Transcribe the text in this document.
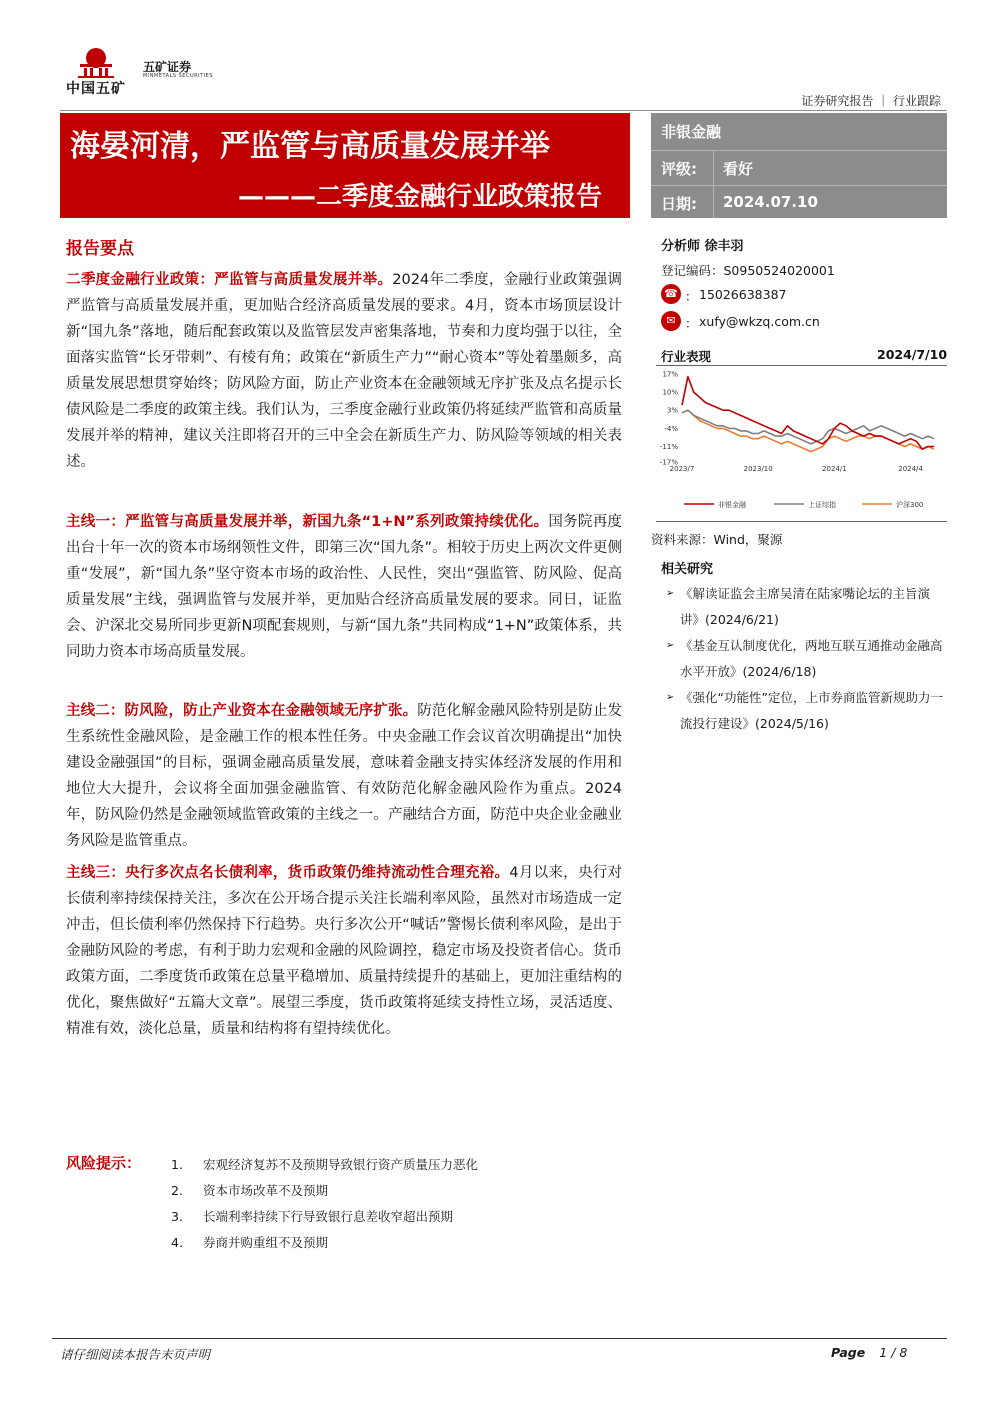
中国五矿
五矿证券
MINMETALS SECURITIES
证券研究报告 ｜ 行业跟踪
海晏河清，严监管与高质量发展并举
———二季度金融行业政策报告
非银金融
评级: 看好
日期: 2024.07.10
报告要点
二季度金融行业政策：严监管与高质量发展并举。2024年二季度，金融行业政策强调严监管与高质量发展并重，更加贴合经济高质量发展的要求。4月，资本市场顶层设计新“国九条”落地，随后配套政策以及监管层发声密集落地，节奏和力度均强于以往，全面落实监管“长牙带刺”、有棱有角；政策在“新质生产力”“耐心资本”等处着墨颇多，高质量发展思想贯穿始终；防风险方面，防止产业资本在金融领域无序扩张及点名提示长债风险是二季度的政策主线。我们认为，三季度金融行业政策仍将延续严监管和高质量发展并举的精神，建议关注即将召开的三中全会在新质生产力、防风险等领域的相关表述。
主线一：严监管与高质量发展并举，新国九条“1+N”系列政策持续优化。国务院再度出台十年一次的资本市场纲领性文件，即第三次“国九条”。相较于历史上两次文件更侧重“发展”，新“国九条”坚守资本市场的政治性、人民性，突出“强监管、防风险、促高质量发展”主线，强调监管与发展并举，更加贴合经济高质量发展的要求。同日，证监会、沪深北交易所同步更新N项配套规则，与新“国九条”共同构成“1+N”政策体系，共同助力资本市场高质量发展。
主线二：防风险，防止产业资本在金融领域无序扩张。防范化解金融风险特别是防止发生系统性金融风险，是金融工作的根本性任务。中央金融工作会议首次明确提出“加快建设金融强国”的目标，强调金融高质量发展，意味着金融支持实体经济发展的作用和地位大大提升，会议将全面加强金融监管、有效防范化解金融风险作为重点。2024年，防风险仍然是金融领域监管政策的主线之一。产融结合方面，防范中央企业金融业务风险是监管重点。
主线三：央行多次点名长债利率，货币政策仍维持流动性合理充裕。4月以来，央行对长债利率持续保持关注，多次在公开场合提示关注长端利率风险，虽然对市场造成一定冲击，但长债利率仍然保持下行趋势。央行多次公开“喊话”警惕长债利率风险，是出于金融防风险的考虑，有利于助力宏观和金融的风险调控，稳定市场及投资者信心。货币政策方面，二季度货币政策在总量平稳增加、质量持续提升的基础上，更加注重结构的优化，聚焦做好“五篇大文章”。展望三季度，货币政策将延续支持性立场，灵活适度、精准有效，淡化总量，质量和结构将有望持续优化。
风险提示： 1. 宏观经济复苏不及预期导致银行资产质量压力恶化
2. 资本市场改革不及预期
3. 长端利率持续下行导致银行息差收窄超出预期
4. 券商并购重组不及预期
分析师 徐丰羽
登记编码：S0950524020001
☎ ： 15026638387
✉ ： xufy@wkzq.com.cn
行业表现	2024/7/10
17%
10%
3%
-4%
-11%
-17%
2023/7	2023/10	2024/1	2024/4
非银金融	上证综指	沪深300
资料来源：Wind，聚源
相关研究
➢ 《解读证监会主席吴清在陆家嘴论坛的主旨演讲》(2024/6/21)
➢ 《基金互认制度优化，两地互联互通推动金融高水平开放》(2024/6/18)
➢ 《强化“功能性”定位，上市券商监管新规助力一流投行建设》(2024/5/16)
请仔细阅读本报告末页声明	Page 1 / 8
